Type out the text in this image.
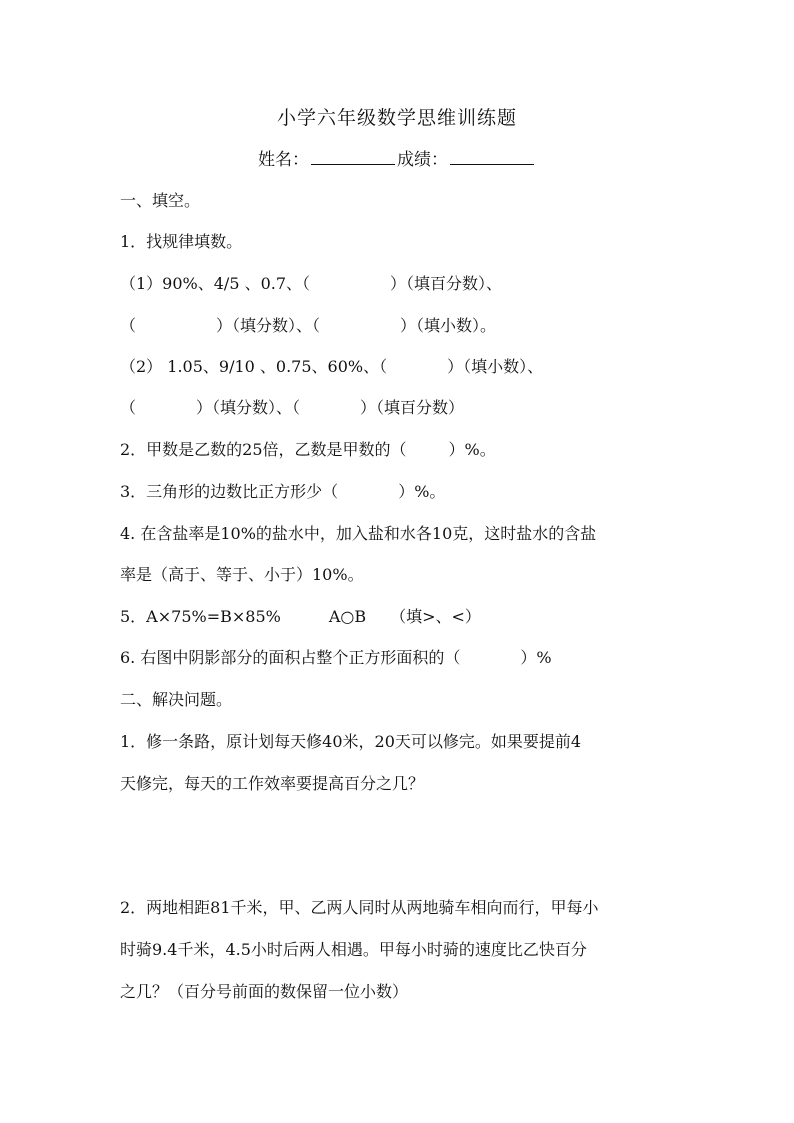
小学六年级数学思维训练题
姓名：	成绩：
一、填空。
1．找规律填数。
（1）90%、4/5 、0.7、（	）（填百分数）、
（	）（填分数）、（	）（填小数）。
（2） 1.05、9/10 、0.75、60%、（	）（填小数）、
（	）（填分数）、（	）（填百分数）
2．甲数是乙数的25倍，乙数是甲数的（	）%。
3．三角形的边数比正方形少（	）%。
4. 在含盐率是10%的盐水中，加入盐和水各10克，这时盐水的含盐
率是（高于、等于、小于）10%。
5．A×75%=B×85%　　　A○B　　（填>、<）
6. 右图中阴影部分的面积占整个正方形面积的（	）%
二、解决问题。
1．修一条路，原计划每天修40米，20天可以修完。如果要提前4
天修完，每天的工作效率要提高百分之几？
2．两地相距81千米，甲、乙两人同时从两地骑车相向而行，甲每小
时骑9.4千米，4.5小时后两人相遇。甲每小时骑的速度比乙快百分
之几？（百分号前面的数保留一位小数）
